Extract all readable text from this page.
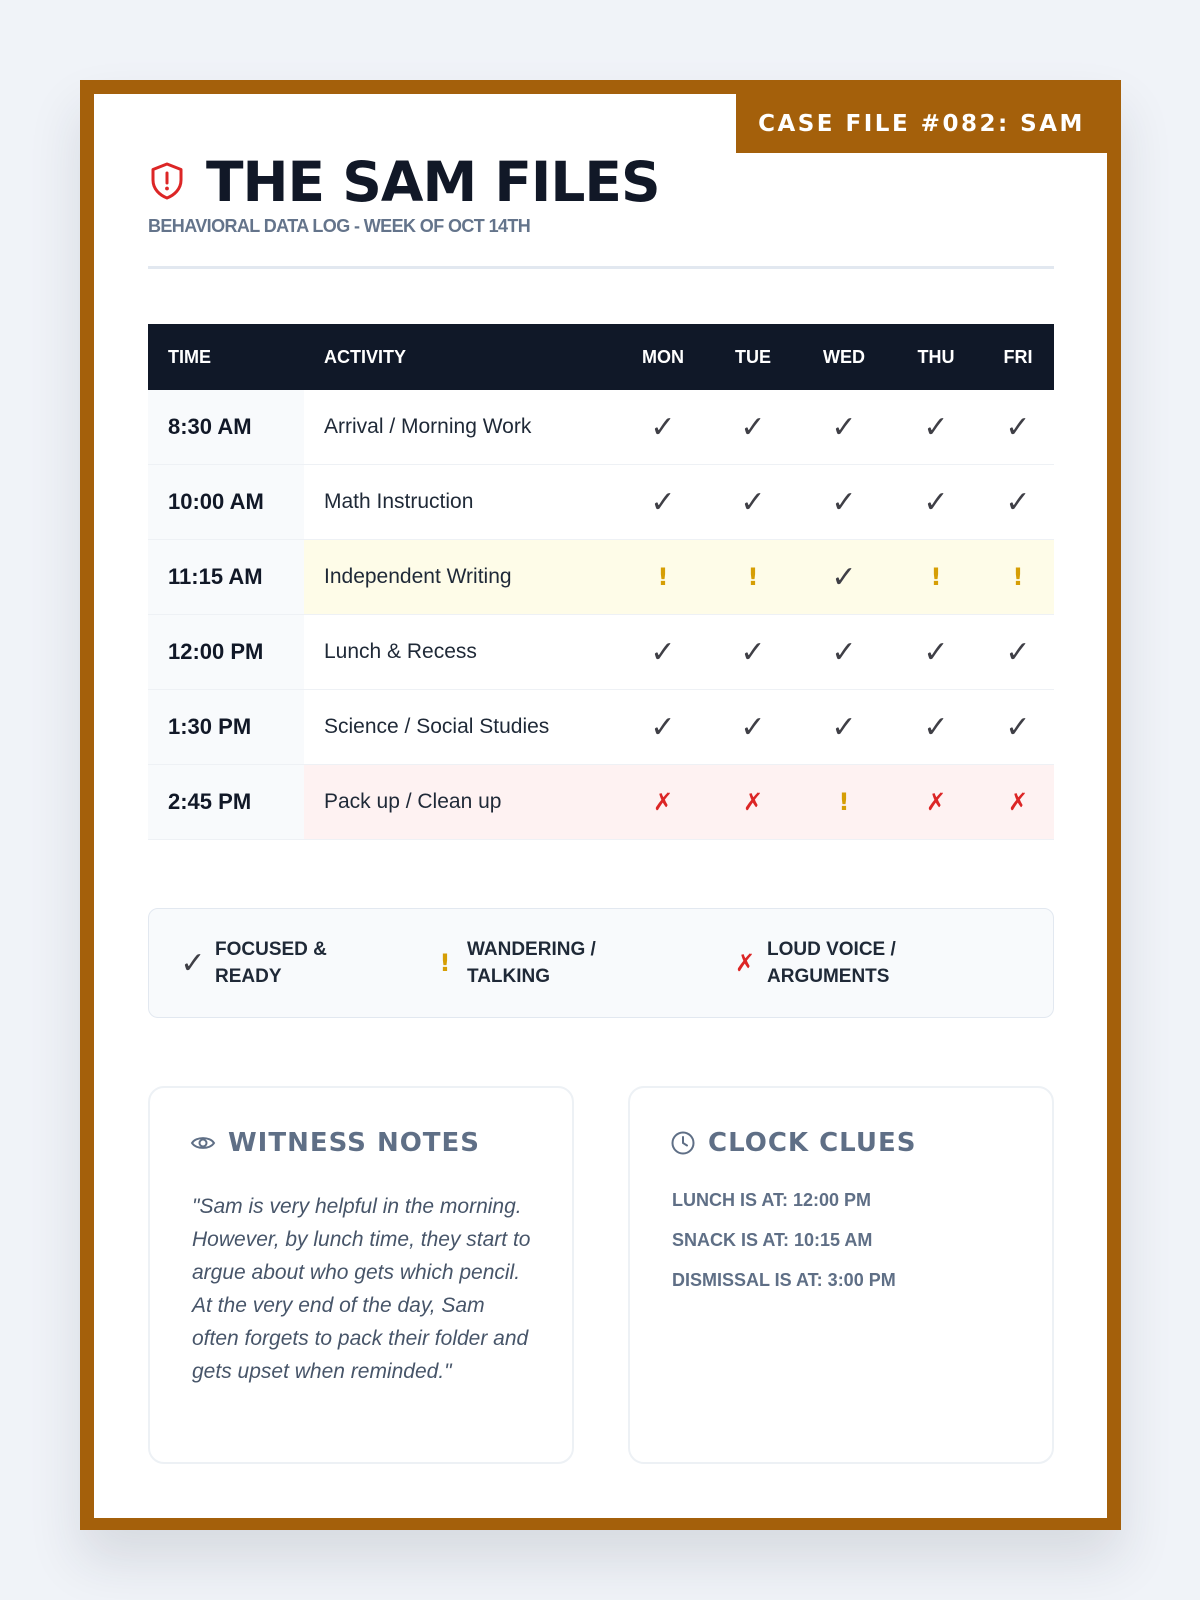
CASE FILE #082: SAM
THE SAM FILES
BEHAVIORAL DATA LOG - WEEK OF OCT 14TH
TIME	ACTIVITY	MON	TUE	WED	THU	FRI
8:30 AM	Arrival / Morning Work	✓	✓	✓	✓	✓
10:00 AM	Math Instruction	✓	✓	✓	✓	✓
11:15 AM	Independent Writing	!	!	✓	!	!
12:00 PM	Lunch & Recess	✓	✓	✓	✓	✓
1:30 PM	Science / Social Studies	✓	✓	✓	✓	✓
2:45 PM	Pack up / Clean up	✗	✗	!	✗	✗
✓ FOCUSED & READY	! WANDERING / TALKING	✗ LOUD VOICE / ARGUMENTS
WITNESS NOTES
"Sam is very helpful in the morning. However, by lunch time, they start to argue about who gets which pencil. At the very end of the day, Sam often forgets to pack their folder and gets upset when reminded."
CLOCK CLUES
LUNCH IS AT: 12:00 PM
SNACK IS AT: 10:15 AM
DISMISSAL IS AT: 3:00 PM
